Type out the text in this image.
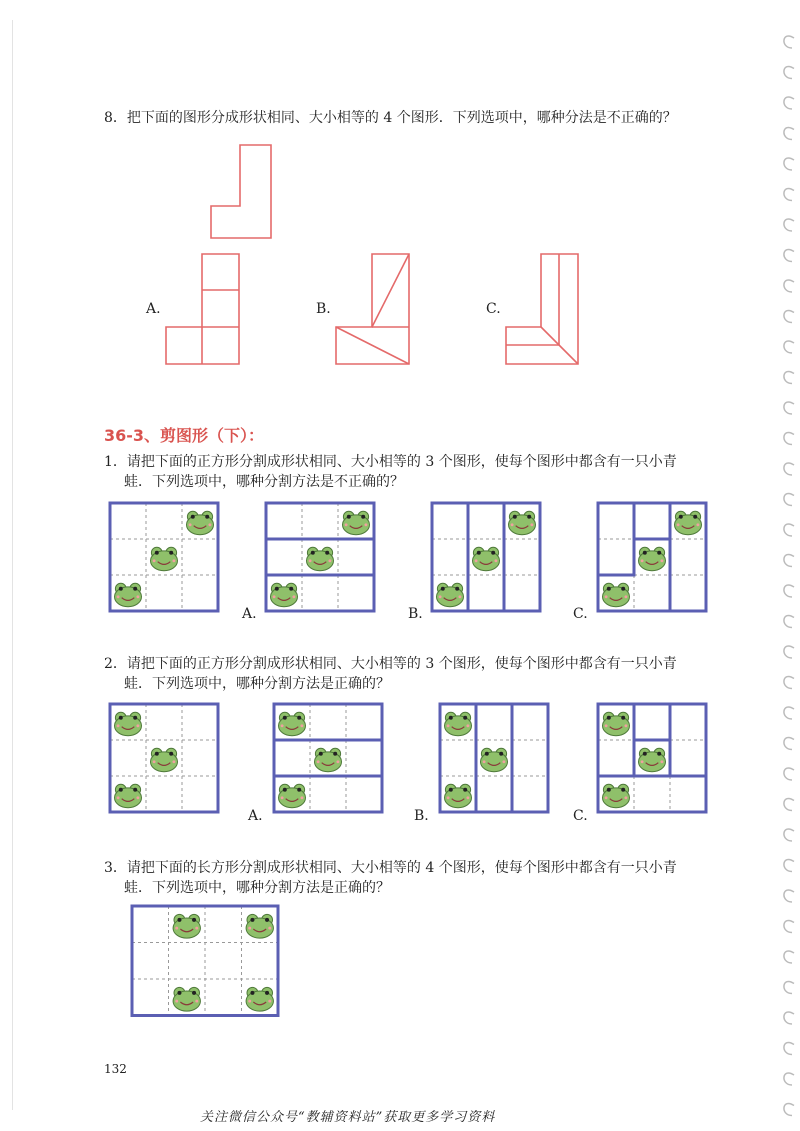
8．把下面的图形分成形状相同、大小相等的 4 个图形．下列选项中，哪种分法是不正确的？
A.	B.	C.
36-3、剪图形（下）：
1．请把下面的正方形分割成形状相同、大小相等的 3 个图形，使每个图形中都含有一只小青
蛙．下列选项中，哪种分割方法是不正确的？
A.	B.	C.
2．请把下面的正方形分割成形状相同、大小相等的 3 个图形，使每个图形中都含有一只小青
蛙．下列选项中，哪种分割方法是正确的？
A.	B.	C.
3．请把下面的长方形分割成形状相同、大小相等的 4 个图形，使每个图形中都含有一只小青
蛙．下列选项中，哪种分割方法是正确的？
132
关注微信公众号“教辅资料站”获取更多学习资料
